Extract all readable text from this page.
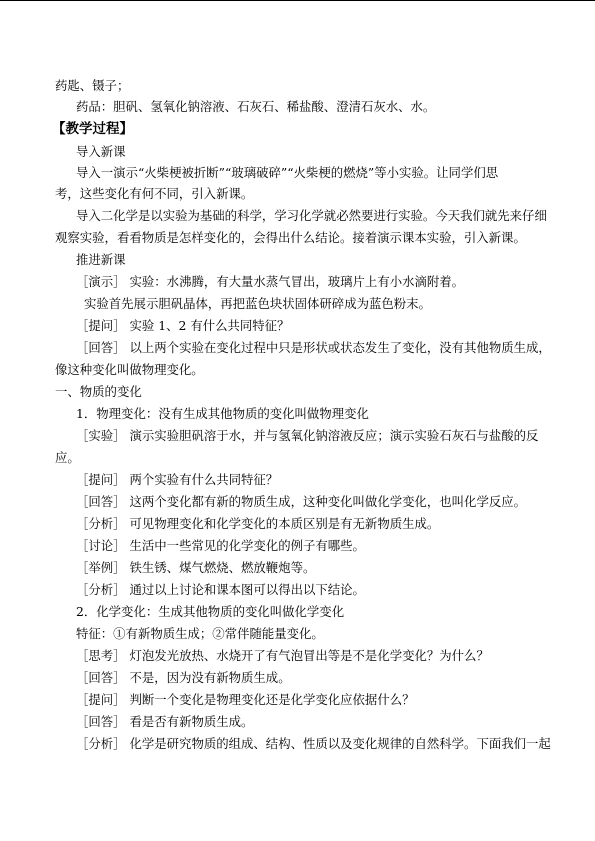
药匙、镊子；
药品：胆矾、氢氧化钠溶液、石灰石、稀盐酸、澄清石灰水、水。
【教学过程】
导入新课
导入一演示“火柴梗被折断”“玻璃破碎”“火柴梗的燃烧”等小实验。让同学们思
考，这些变化有何不同，引入新课。
导入二化学是以实验为基础的科学，学习化学就必然要进行实验。今天我们就先来仔细
观察实验，看看物质是怎样变化的，会得出什么结论。接着演示课本实验，引入新课。
推进新课
［演示］ 实验：水沸腾，有大量水蒸气冒出，玻璃片上有小水滴附着。
实验首先展示胆矾晶体，再把蓝色块状固体研碎成为蓝色粉末。
［提问］ 实验 1、2 有什么共同特征？
［回答］ 以上两个实验在变化过程中只是形状或状态发生了变化，没有其他物质生成，
像这种变化叫做物理变化。
一、物质的变化
1．物理变化：没有生成其他物质的变化叫做物理变化
［实验］ 演示实验胆矾溶于水，并与氢氧化钠溶液反应；演示实验石灰石与盐酸的反
应。
［提问］ 两个实验有什么共同特征？
［回答］ 这两个变化都有新的物质生成，这种变化叫做化学变化，也叫化学反应。
［分析］ 可见物理变化和化学变化的本质区别是有无新物质生成。
［讨论］ 生活中一些常见的化学变化的例子有哪些。
［举例］ 铁生锈、煤气燃烧、燃放鞭炮等。
［分析］ 通过以上讨论和课本图可以得出以下结论。
2．化学变化：生成其他物质的变化叫做化学变化
特征：①有新物质生成；②常伴随能量变化。
［思考］ 灯泡发光放热、水烧开了有气泡冒出等是不是化学变化？为什么？
［回答］ 不是，因为没有新物质生成。
［提问］ 判断一个变化是物理变化还是化学变化应依据什么？
［回答］ 看是否有新物质生成。
［分析］ 化学是研究物质的组成、结构、性质以及变化规律的自然科学。下面我们一起
